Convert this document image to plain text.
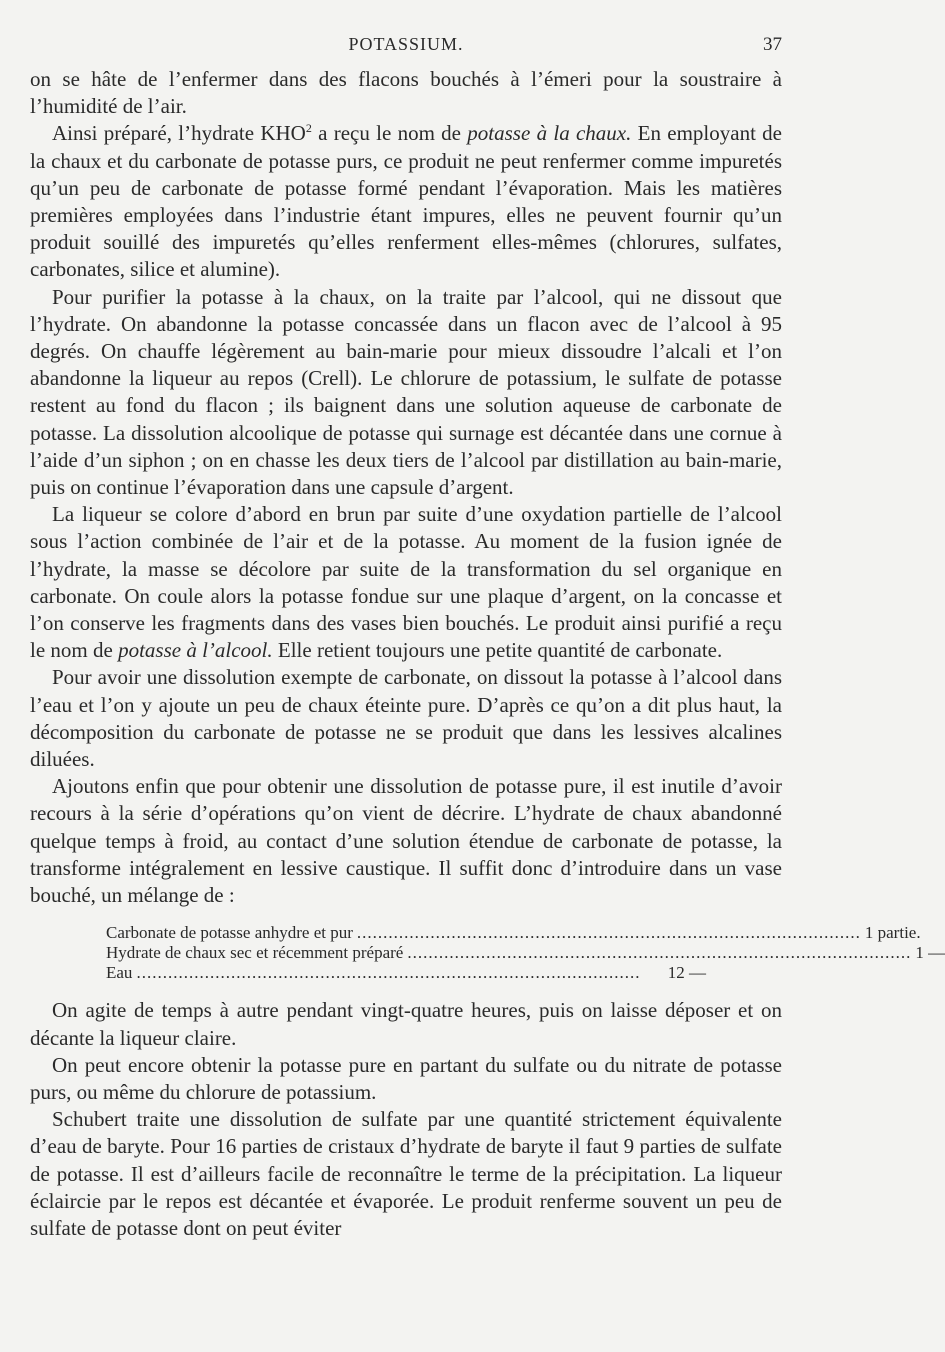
POTASSIUM.	37

on se hâte de l’enfermer dans des flacons bouchés à l’émeri pour la soustraire à l’humidité de l’air.

Ainsi préparé, l’hydrate KHO$^2$ a reçu le nom de potasse à la chaux. En employant de la chaux et du carbonate de potasse purs, ce produit ne peut renfermer comme impuretés qu’un peu de carbonate de potasse formé pendant l’évaporation. Mais les matières premières employées dans l’industrie étant impures, elles ne peuvent fournir qu’un produit souillé des impuretés qu’elles renferment elles-mêmes (chlorures, sulfates, carbonates, silice et alumine).

Pour purifier la potasse à la chaux, on la traite par l’alcool, qui ne dissout que l’hydrate. On abandonne la potasse concassée dans un flacon avec de l’alcool à 95 degrés. On chauffe légèrement au bain-marie pour mieux dissoudre l’alcali et l’on abandonne la liqueur au repos (Crell). Le chlorure de potassium, le sulfate de potasse restent au fond du flacon ; ils baignent dans une solution aqueuse de carbonate de potasse. La dissolution alcoolique de potasse qui surnage est décantée dans une cornue à l’aide d’un siphon ; on en chasse les deux tiers de l’alcool par distillation au bain-marie, puis on continue l’évaporation dans une capsule d’argent.

La liqueur se colore d’abord en brun par suite d’une oxydation partielle de l’alcool sous l’action combinée de l’air et de la potasse. Au moment de la fusion ignée de l’hydrate, la masse se décolore par suite de la transformation du sel organique en carbonate. On coule alors la potasse fondue sur une plaque d’argent, on la concasse et l’on conserve les fragments dans des vases bien bouchés. Le produit ainsi purifié a reçu le nom de potasse à l’alcool. Elle retient toujours une petite quantité de carbonate.

Pour avoir une dissolution exempte de carbonate, on dissout la potasse à l’alcool dans l’eau et l’on y ajoute un peu de chaux éteinte pure. D’après ce qu’on a dit plus haut, la décomposition du carbonate de potasse ne se produit que dans les lessives alcalines diluées.

Ajoutons enfin que pour obtenir une dissolution de potasse pure, il est inutile d’avoir recours à la série d’opérations qu’on vient de décrire. L’hydrate de chaux abandonné quelque temps à froid, au contact d’une solution étendue de carbonate de potasse, la transforme intégralement en lessive caustique. Il suffit donc d’introduire dans un vase bouché, un mélange de :

Carbonate de potasse anhydre et pur ................................................................................................ 1 partie.
Hydrate de chaux sec et récemment préparé ................................................................................................ 1 —
Eau ................................................................................................	12 —

On agite de temps à autre pendant vingt-quatre heures, puis on laisse déposer et on décante la liqueur claire.

On peut encore obtenir la potasse pure en partant du sulfate ou du nitrate de potasse purs, ou même du chlorure de potassium.

Schubert traite une dissolution de sulfate par une quantité strictement équivalente d’eau de baryte. Pour 16 parties de cristaux d’hydrate de baryte il faut 9 parties de sulfate de potasse. Il est d’ailleurs facile de reconnaître le terme de la précipitation. La liqueur éclaircie par le repos est décantée et évaporée. Le produit renferme souvent un peu de sulfate de potasse dont on peut éviter
